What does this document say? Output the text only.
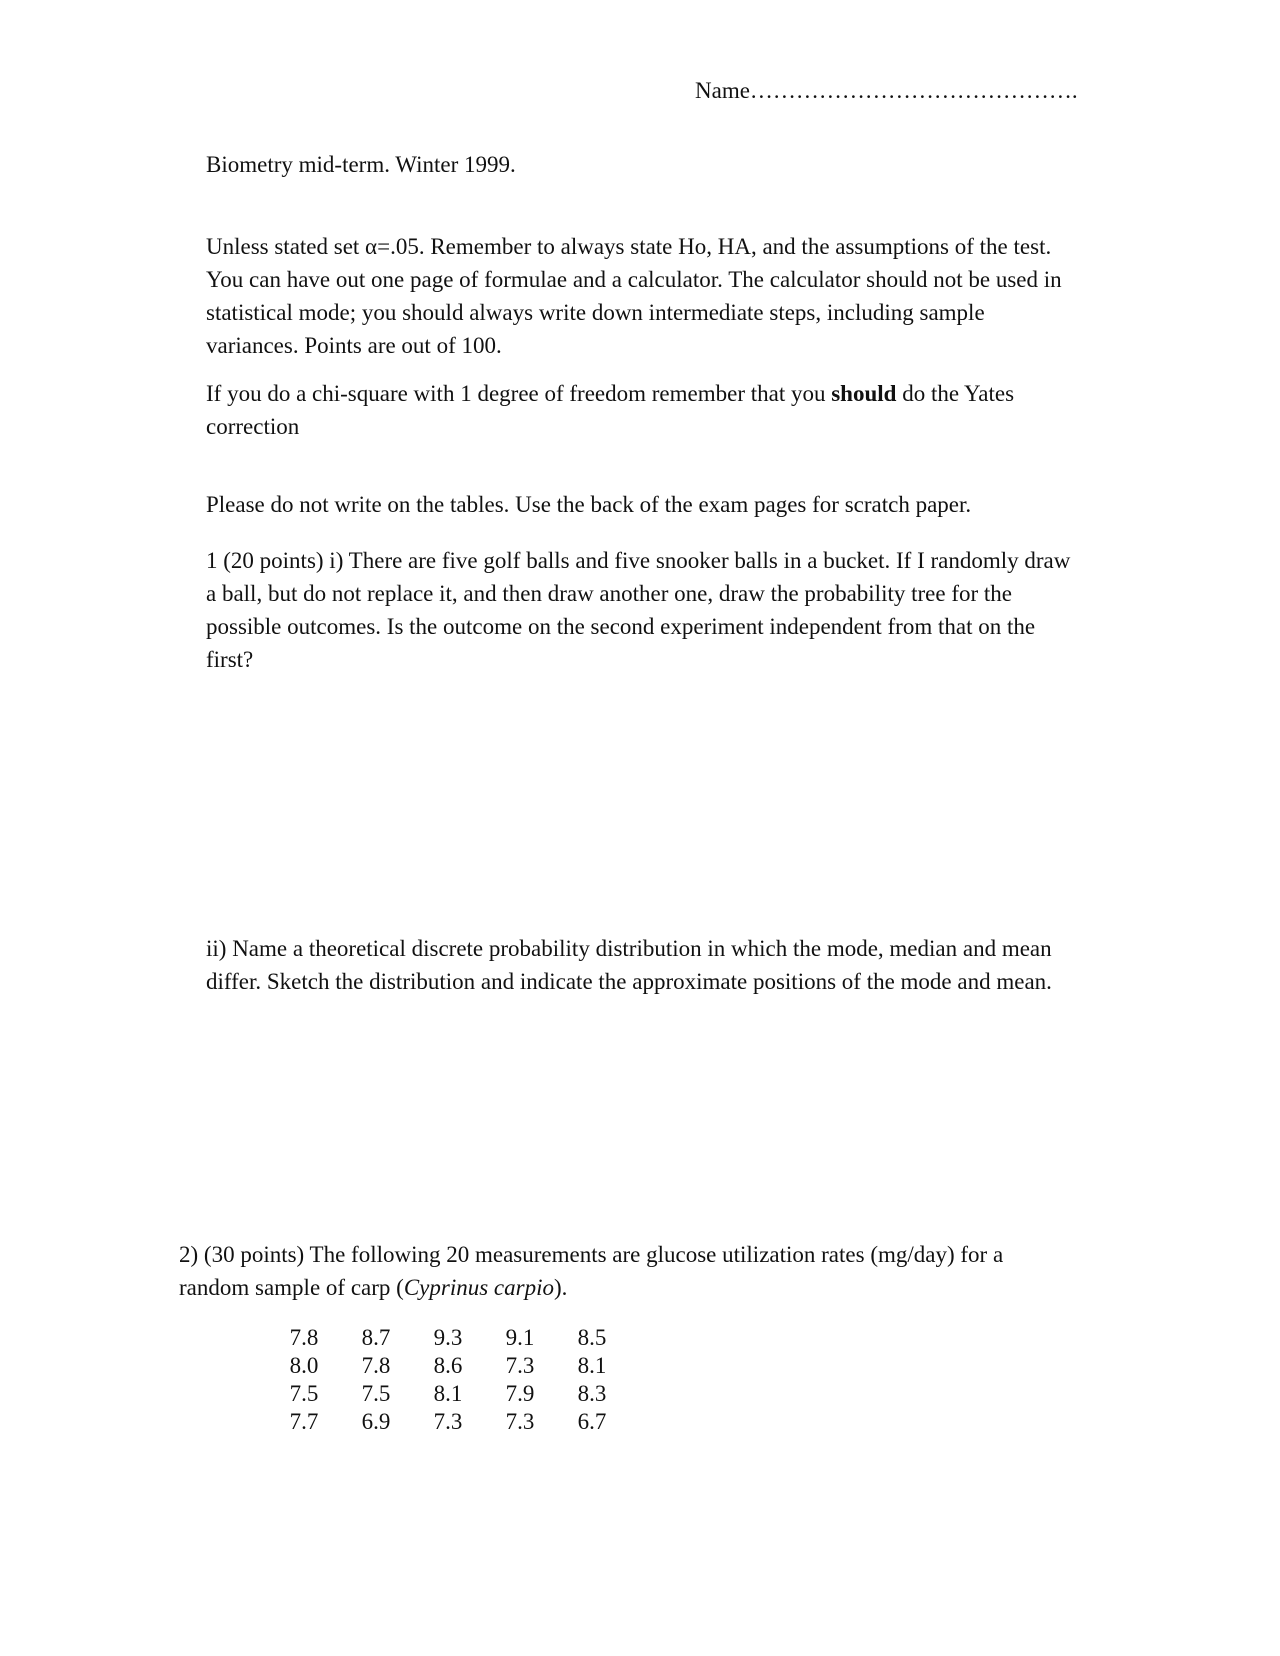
Name…………………………………….

Biometry mid-term. Winter 1999.

Unless stated set α=.05. Remember to always state Ho, HA, and the assumptions of the test. You can have out one page of formulae and a calculator. The calculator should not be used in statistical mode; you should always write down intermediate steps, including sample variances. Points are out of 100.

If you do a chi-square with 1 degree of freedom remember that you should do the Yates correction

Please do not write on the tables. Use the back of the exam pages for scratch paper.

1 (20 points) i) There are five golf balls and five snooker balls in a bucket. If I randomly draw a ball, but do not replace it, and then draw another one, draw the probability tree for the possible outcomes. Is the outcome on the second experiment independent from that on the first?

ii) Name a theoretical discrete probability distribution in which the mode, median and mean differ. Sketch the distribution and indicate the approximate positions of the mode and mean.

2) (30 points) The following 20 measurements are glucose utilization rates (mg/day) for a random sample of carp (Cyprinus carpio).

7.8	8.7	9.3	9.1	8.5
8.0	7.8	8.6	7.3	8.1
7.5	7.5	8.1	7.9	8.3
7.7	6.9	7.3	7.3	6.7
